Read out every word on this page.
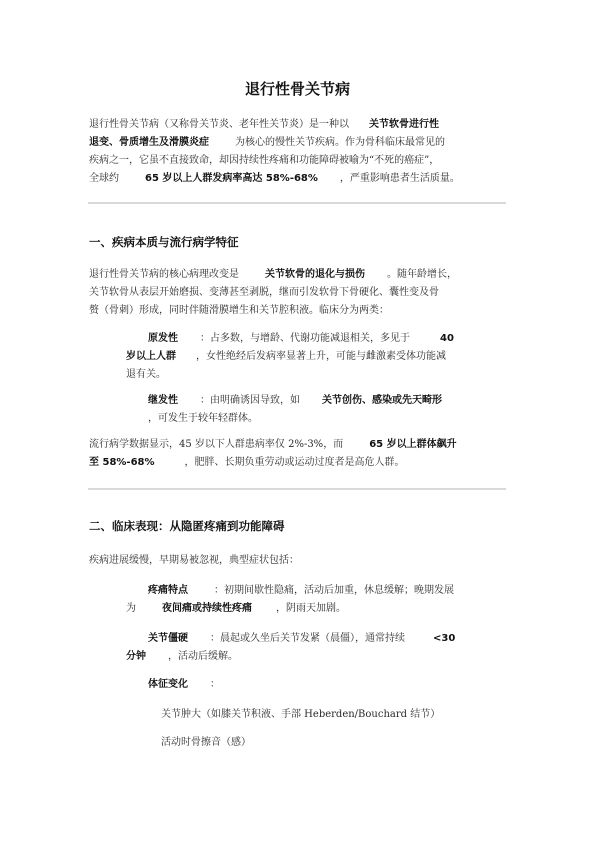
退行性骨关节病
退行性骨关节病（又称骨关节炎、老年性关节炎）是一种以 关节软骨进行性
退变、骨质增生及滑膜炎症	为核心的慢性关节疾病。作为骨科临床最常见的
疾病之一，它虽不直接致命，却因持续性疼痛和功能障碍被喻为“不死的癌症”，
全球约	65 岁以上人群发病率高达 58%-68% ，严重影响患者生活质量。
一、疾病本质与流行病学特征
退行性骨关节病的核心病理改变是	关节软骨的退化与损伤 。随年龄增长，
关节软骨从表层开始磨损、变薄甚至剥脱，继而引发软骨下骨硬化、囊性变及骨
赘（骨刺）形成，同时伴随滑膜增生和关节腔积液。临床分为两类：
原发性 ：占多数，与增龄、代谢功能减退相关，多见于	40
岁以上人群 ，女性绝经后发病率显著上升，可能与雌激素受体功能减
退有关。
继发性 ：由明确诱因导致，如 关节创伤、感染或先天畸形
，可发生于较年轻群体。
流行病学数据显示，45 岁以下人群患病率仅 2%-3%，而	65 岁以上群体飙升
至 58%-68%	，肥胖、长期负重劳动或运动过度者是高危人群。
二、临床表现：从隐匿疼痛到功能障碍
疾病进展缓慢，早期易被忽视，典型症状包括：
疼痛特点	：初期间歇性隐痛，活动后加重，休息缓解；晚期发展
为	夜间痛或持续性疼痛 ，阴雨天加剧。
关节僵硬 ：晨起或久坐后关节发紧（晨僵），通常持续	<30
分钟 ，活动后缓解。
体征变化 ：
关节肿大（如膝关节积液、手部 Heberden/Bouchard 结节）
活动时骨擦音（感）
